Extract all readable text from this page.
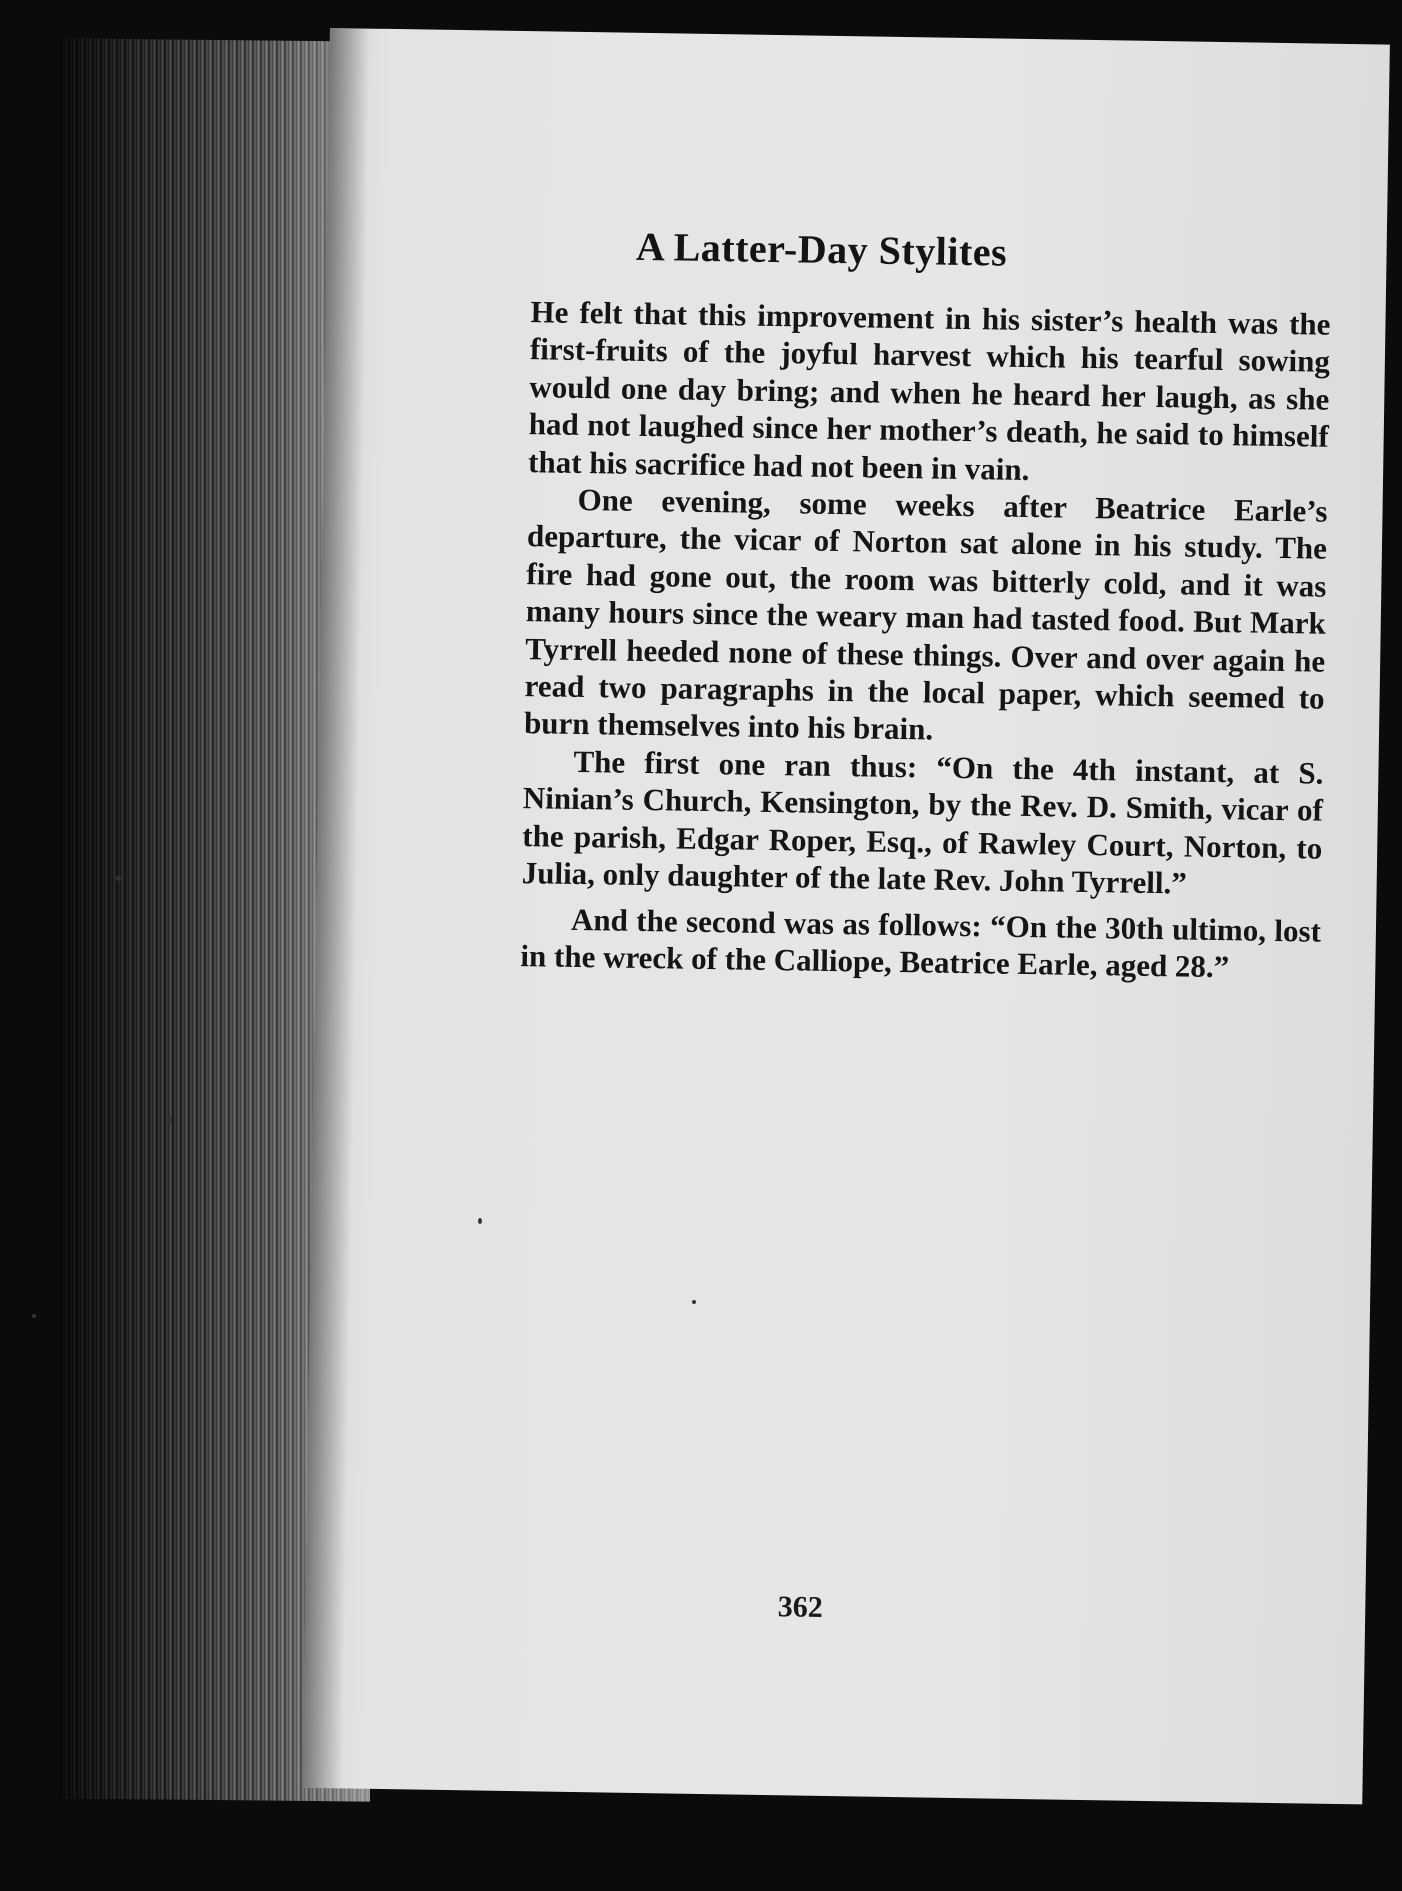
A Latter-Day Stylites

He felt that this improvement in his sister’s health was the first-fruits of the joyful harvest which his tearful sowing would one day bring; and when he heard her laugh, as she had not laughed since her mother’s death, he said to himself that his sacrifice had not been in vain.

One evening, some weeks after Beatrice Earle’s departure, the vicar of Norton sat alone in his study. The fire had gone out, the room was bitterly cold, and it was many hours since the weary man had tasted food. But Mark Tyrrell heeded none of these things. Over and over again he read two paragraphs in the local paper, which seemed to burn themselves into his brain.

The first one ran thus: “On the 4th instant, at S. Ninian’s Church, Kensington, by the Rev. D. Smith, vicar of the parish, Edgar Roper, Esq., of Rawley Court, Norton, to Julia, only daughter of the late Rev. John Tyrrell.”

And the second was as follows: “On the 30th ultimo, lost in the wreck of the Calliope, Beatrice Earle, aged 28.”

362
